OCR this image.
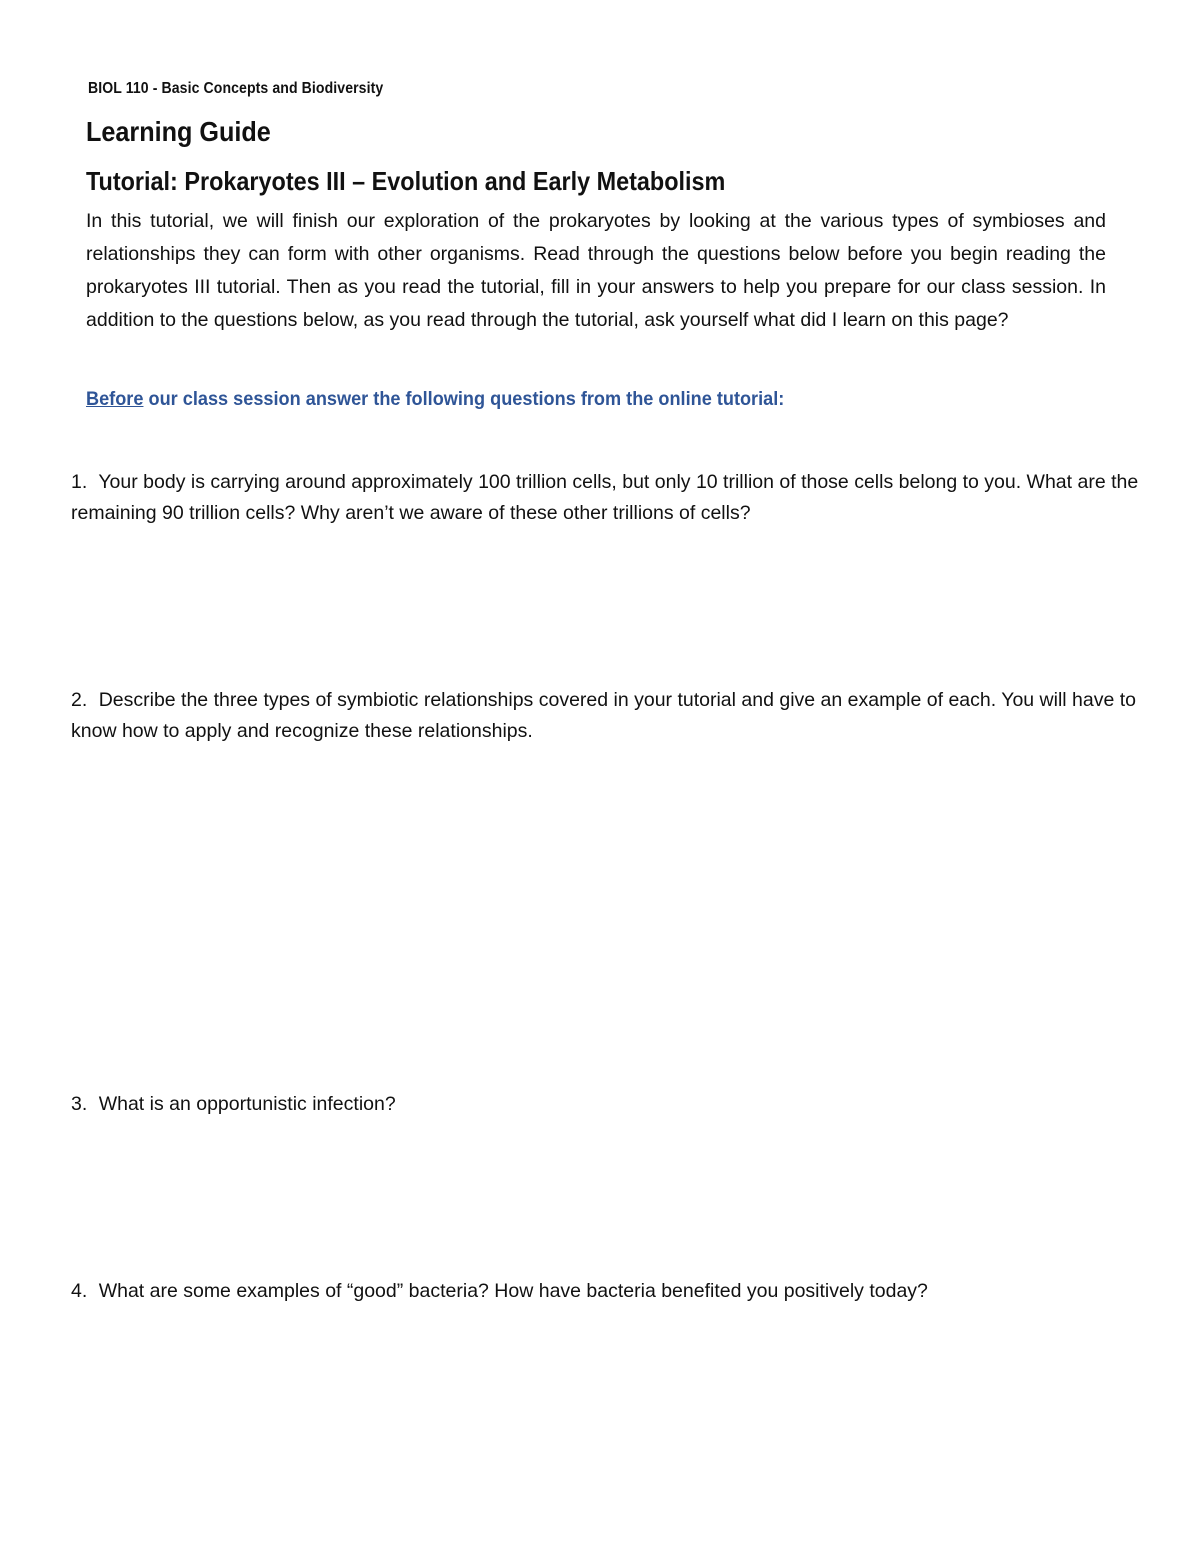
BIOL 110 - Basic Concepts and Biodiversity
Learning Guide
Tutorial: Prokaryotes III – Evolution and Early Metabolism
In this tutorial, we will finish our exploration of the prokaryotes by looking at the various types of symbioses and relationships they can form with other organisms. Read through the questions below before you begin reading the prokaryotes III tutorial. Then as you read the tutorial, fill in your answers to help you prepare for our class session. In addition to the questions below, as you read through the tutorial, ask yourself what did I learn on this page?
Before our class session answer the following questions from the online tutorial:
1. Your body is carrying around approximately 100 trillion cells, but only 10 trillion of those cells belong to you. What are the remaining 90 trillion cells? Why aren’t we aware of these other trillions of cells?
2. Describe the three types of symbiotic relationships covered in your tutorial and give an example of each. You will have to know how to apply and recognize these relationships.
3. What is an opportunistic infection?
4. What are some examples of “good” bacteria? How have bacteria benefited you positively today?
